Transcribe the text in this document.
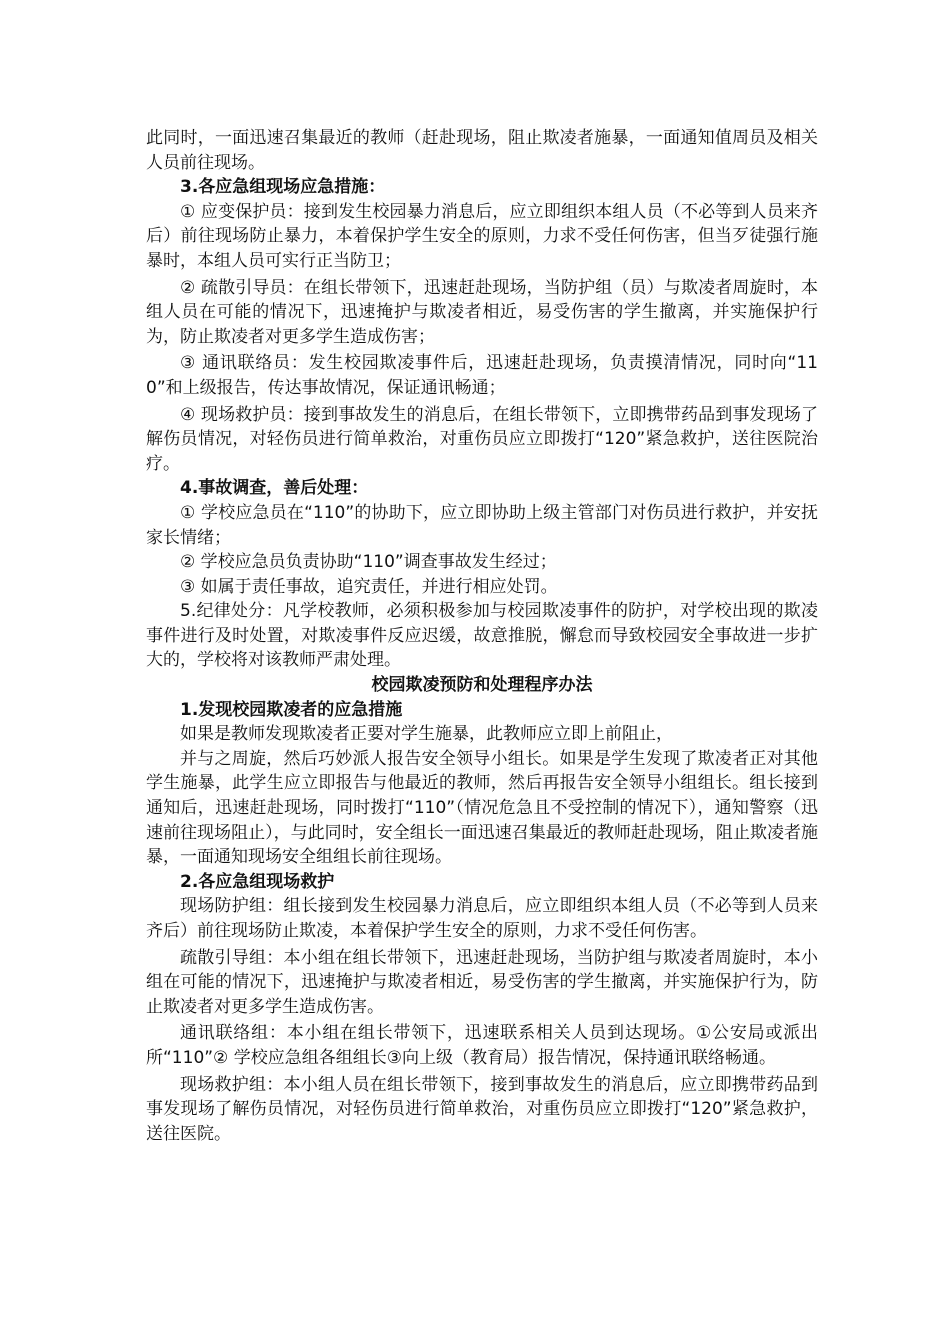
此同时，一面迅速召集最近的教师（赶赴现场，阻止欺凌者施暴，一面通知值周员及相关人员前往现场。

3.各应急组现场应急措施：

① 应变保护员：接到发生校园暴力消息后，应立即组织本组人员（不必等到人员来齐后）前往现场防止暴力，本着保护学生安全的原则，力求不受任何伤害，但当歹徒强行施暴时，本组人员可实行正当防卫；

② 疏散引导员：在组长带领下，迅速赶赴现场，当防护组（员）与欺凌者周旋时，本组人员在可能的情况下，迅速掩护与欺凌者相近，易受伤害的学生撤离，并实施保护行为，防止欺凌者对更多学生造成伤害；

③ 通讯联络员：发生校园欺凌事件后，迅速赶赴现场，负责摸清情况，同时向“110”和上级报告，传达事故情况，保证通讯畅通；

④ 现场救护员：接到事故发生的消息后，在组长带领下，立即携带药品到事发现场了解伤员情况，对轻伤员进行简单救治，对重伤员应立即拨打“120”紧急救护，送往医院治疗。

4.事故调查，善后处理：

① 学校应急员在“110”的协助下，应立即协助上级主管部门对伤员进行救护，并安抚家长情绪；

② 学校应急员负责协助“110”调查事故发生经过；

③ 如属于责任事故，追究责任，并进行相应处罚。

5.纪律处分：凡学校教师，必须积极参加与校园欺凌事件的防护，对学校出现的欺凌事件进行及时处置，对欺凌事件反应迟缓，故意推脱，懈怠而导致校园安全事故进一步扩大的，学校将对该教师严肃处理。

校园欺凌预防和处理程序办法

1.发现校园欺凌者的应急措施

如果是教师发现欺凌者正要对学生施暴，此教师应立即上前阻止，

并与之周旋，然后巧妙派人报告安全领导小组长。如果是学生发现了欺凌者正对其他学生施暴，此学生应立即报告与他最近的教师，然后再报告安全领导小组组长。组长接到通知后，迅速赶赴现场，同时拨打“110”（情况危急且不受控制的情况下），通知警察（迅速前往现场阻止），与此同时，安全组长一面迅速召集最近的教师赶赴现场，阻止欺凌者施暴，一面通知现场安全组组长前往现场。

2.各应急组现场救护

现场防护组：组长接到发生校园暴力消息后，应立即组织本组人员（不必等到人员来齐后）前往现场防止欺凌，本着保护学生安全的原则，力求不受任何伤害。

疏散引导组：本小组在组长带领下，迅速赶赴现场，当防护组与欺凌者周旋时，本小组在可能的情况下，迅速掩护与欺凌者相近，易受伤害的学生撤离，并实施保护行为，防止欺凌者对更多学生造成伤害。

通讯联络组：本小组在组长带领下，迅速联系相关人员到达现场。①公安局或派出所“110”② 学校应急组各组组长③向上级（教育局）报告情况，保持通讯联络畅通。

现场救护组：本小组人员在组长带领下，接到事故发生的消息后，应立即携带药品到事发现场了解伤员情况，对轻伤员进行简单救治，对重伤员应立即拨打“120”紧急救护，送往医院。
